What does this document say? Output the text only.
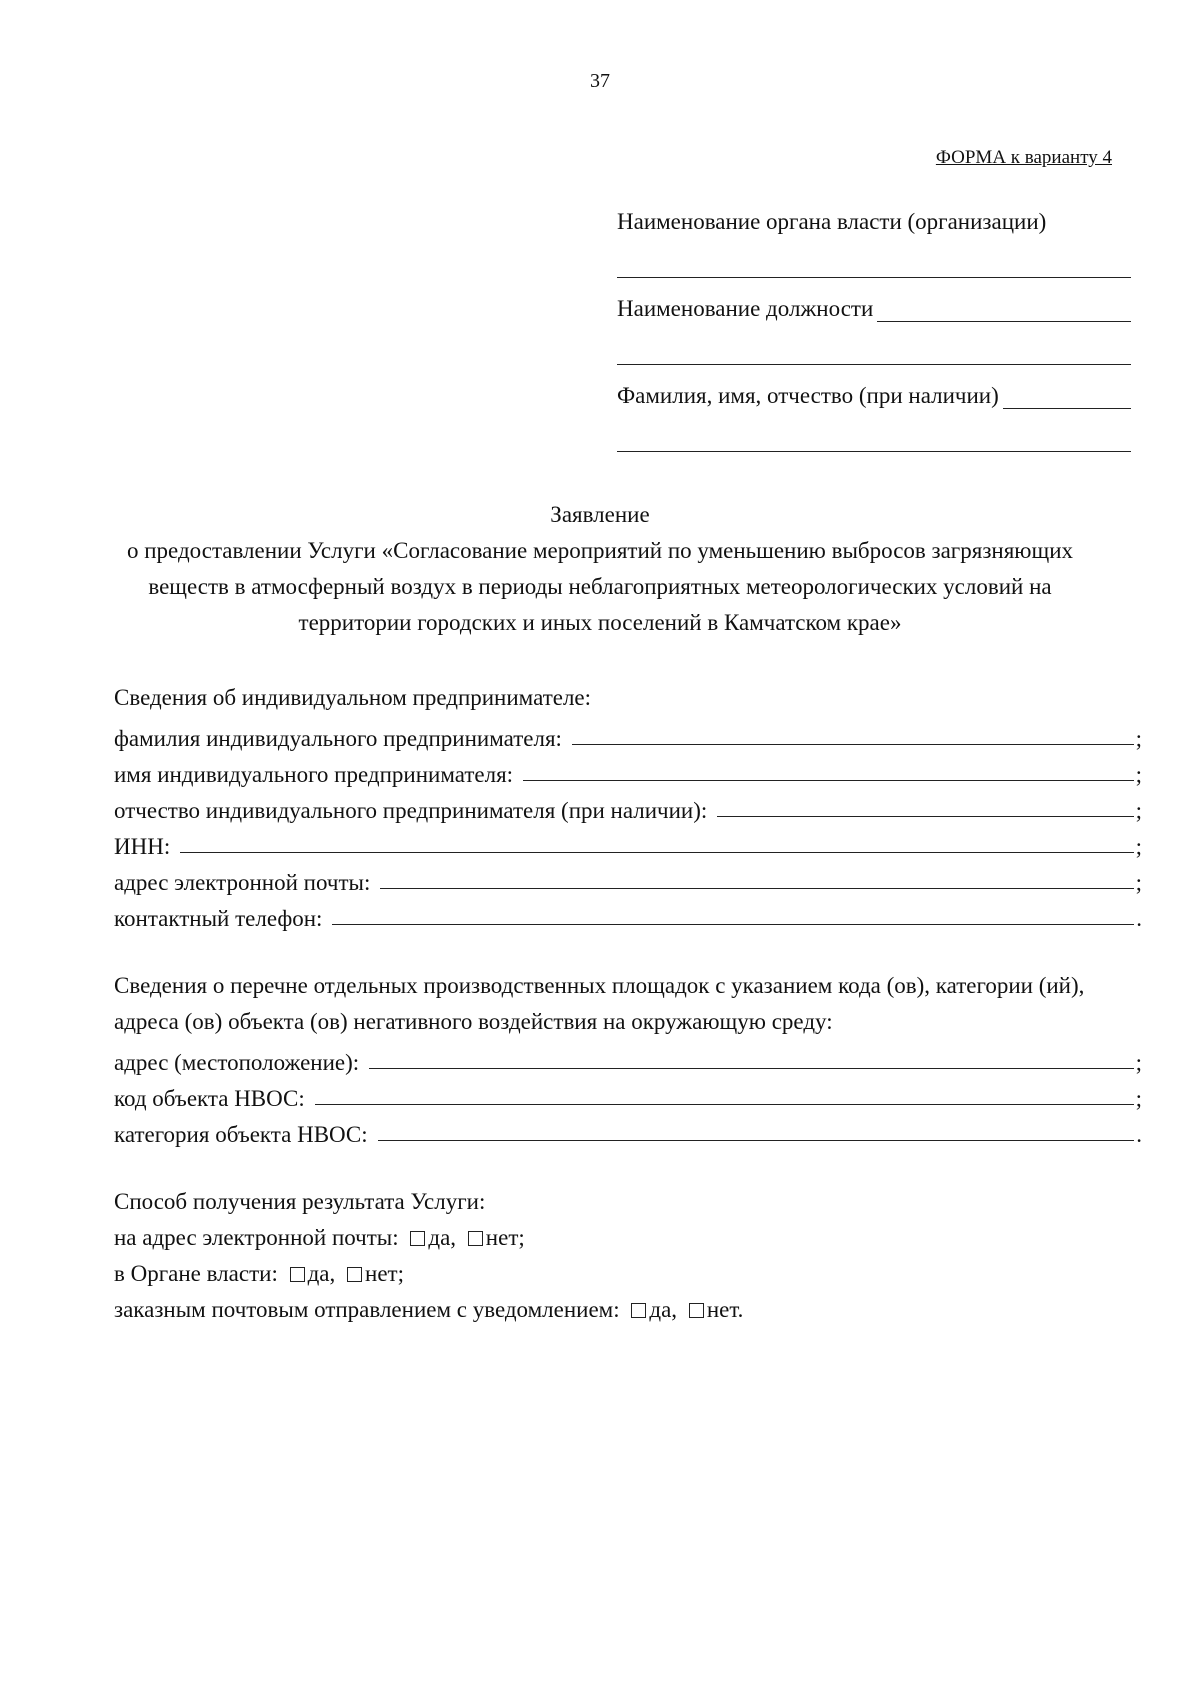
37
ФОРМА к варианту 4
Наименование органа власти (организации)
Наименование должности
Фамилия, имя, отчество (при наличии)
Заявление
о предоставлении Услуги «Согласование мероприятий по уменьшению выбросов загрязняющих
веществ в атмосферный воздух в периоды неблагоприятных метеорологических условий на
территории городских и иных поселений в Камчатском крае»
Сведения об индивидуальном предпринимателе:
фамилия индивидуального предпринимателя:	;
имя индивидуального предпринимателя:	;
отчество индивидуального предпринимателя (при наличии):	;
ИНН:	;
адрес электронной почты:	;
контактный телефон:	.
Сведения о перечне отдельных производственных площадок с указанием кода (ов), категории (ий),
адреса (ов) объекта (ов) негативного воздействия на окружающую среду:
адрес (местоположение):	;
код объекта НВОС:	;
категория объекта НВОС:	.
Способ получения результата Услуги:
на адрес электронной почты: да, нет;
в Органе власти: да, нет;
заказным почтовым отправлением с уведомлением: да, нет.
